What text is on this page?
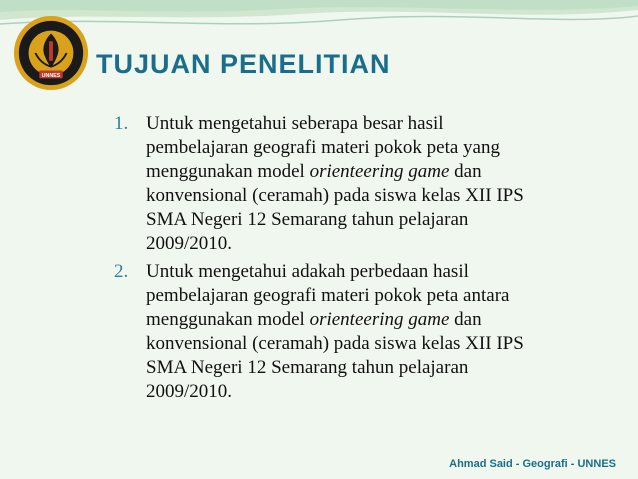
UNNES TUJUAN PENELITIAN
1. Untuk mengetahui seberapa besar hasil
pembelajaran geografi materi pokok peta yang
menggunakan model orienteering game dan
konvensional (ceramah) pada siswa kelas XII IPS
SMA Negeri 12 Semarang tahun pelajaran
2009/2010.
2. Untuk mengetahui adakah perbedaan hasil
pembelajaran geografi materi pokok peta antara
menggunakan model orienteering game dan
konvensional (ceramah) pada siswa kelas XII IPS
SMA Negeri 12 Semarang tahun pelajaran
2009/2010.
Ahmad Said - Geografi - UNNES
